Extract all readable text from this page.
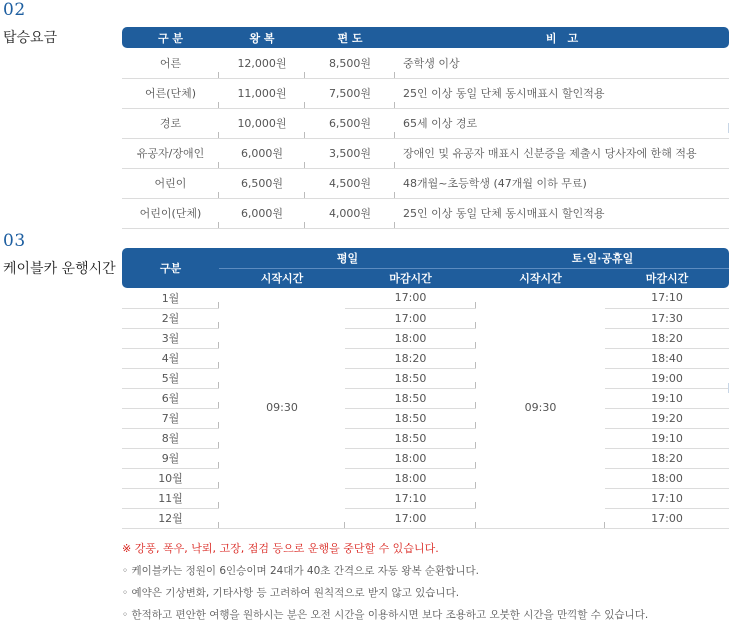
02
탑승요금	구 분	왕 복	편 도	비　고
어른	12,000원	8,500원	중학생 이상
어른(단체)	11,000원	7,500원	25인 이상 동일 단체 동시매표시 할인적용
경로	10,000원	6,500원	65세 이상 경로
유공자/장애인	6,000원	3,500원	장애인 및 유공자 매표시 신분증을 제출시 당사자에 한해 적용
어린이	6,500원	4,500원	48개월~초등학생 (47개월 이하 무료)
어린이(단체)	6,000원	4,000원	25인 이상 동일 단체 동시매표시 할인적용
03
케이블카 운행시간	구분	평일		토·일·공휴일	
	시작시간	마감시간	시작시간	마감시간
1월	09:30	17:00	09:30	17:10
2월		17:00		17:30
3월		18:00		18:20
4월		18:20		18:40
5월		18:50		19:00
6월		18:50		19:10
7월		18:50		19:20
8월		18:50		19:10
9월		18:00		18:20
10월		18:00		18:00
11월		17:10		17:10
12월		17:00		17:00
※ 강풍, 폭우, 낙뢰, 고장, 점검 등으로 운행을 중단할 수 있습니다.
◦ 케이블카는 정원이 6인승이며 24대가 40초 간격으로 자동 왕복 순환합니다.
◦ 예약은 기상변화, 기타사항 등 고려하여 원칙적으로 받지 않고 있습니다.
◦ 한적하고 편안한 여행을 원하시는 분은 오전 시간을 이용하시면 보다 조용하고 오붓한 시간을 만끽할 수 있습니다.
